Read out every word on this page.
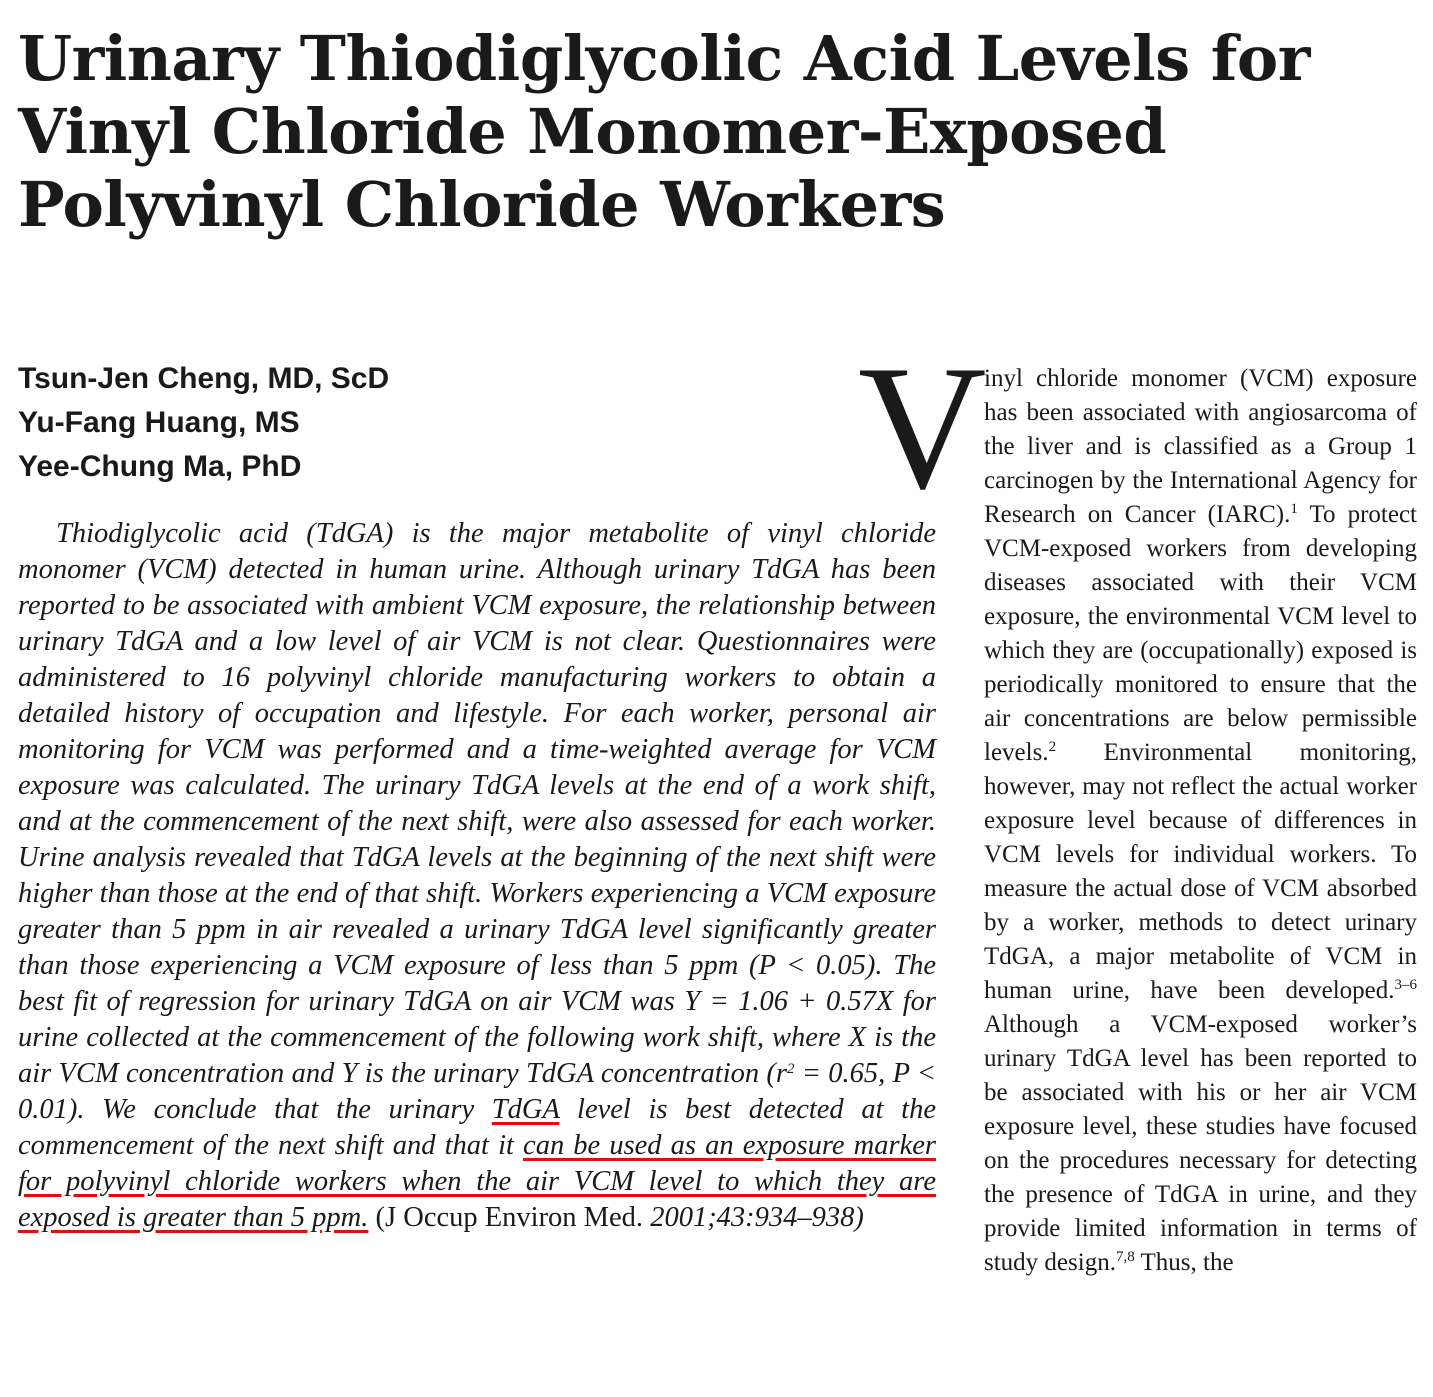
Urinary Thiodiglycolic Acid Levels for Vinyl Chloride Monomer-Exposed Polyvinyl Chloride Workers
Tsun-Jen Cheng, MD, ScD
Yu-Fang Huang, MS
Yee-Chung Ma, PhD

Thiodiglycolic acid (TdGA) is the major metabolite of vinyl chloride monomer (VCM) detected in human urine. Although urinary TdGA has been reported to be associated with ambient VCM exposure, the relationship between urinary TdGA and a low level of air VCM is not clear. Questionnaires were administered to 16 polyvinyl chloride manufacturing workers to obtain a detailed history of occupation and lifestyle. For each worker, personal air monitoring for VCM was performed and a time-weighted average for VCM exposure was calculated. The urinary TdGA levels at the end of a work shift, and at the commencement of the next shift, were also assessed for each worker. Urine analysis revealed that TdGA levels at the beginning of the next shift were higher than those at the end of that shift. Workers experiencing a VCM exposure greater than 5 ppm in air revealed a urinary TdGA level significantly greater than those experiencing a VCM exposure of less than 5 ppm (P < 0.05). The best fit of regression for urinary TdGA on air VCM was Y = 1.06 + 0.57X for urine collected at the commencement of the following work shift, where X is the air VCM concentration and Y is the urinary TdGA concentration ($r^2 = 0.65$, P < 0.01). We conclude that the urinary TdGA level is best detected at the commencement of the next shift and that it can be used as an exposure marker for polyvinyl chloride workers when the air VCM level to which they are exposed is greater than 5 ppm. (J Occup Environ Med. 2001;43:934–938)

V

inyl chloride monomer (VCM) exposure has been associated with angiosarcoma of the liver and is classified as a Group 1 carcinogen by the International Agency for Research on Cancer (IARC).$^1$ To protect VCM-exposed workers from developing diseases associated with their VCM exposure, the environmental VCM level to which they are (occupationally) exposed is periodically monitored to ensure that the air concentrations are below permissible levels.$^2$ Environmental monitoring, however, may not reflect the actual worker exposure level because of differences in VCM levels for individual workers. To measure the actual dose of VCM absorbed by a worker, methods to detect urinary TdGA, a major metabolite of VCM in human urine, have been developed.$^{3-6}$ Although a VCM-exposed worker’s urinary TdGA level has been reported to be associated with his or her air VCM exposure level, these studies have focused on the procedures necessary for detecting the presence of TdGA in urine, and they provide limited information in terms of study design.$^{7,8}$ Thus, the
